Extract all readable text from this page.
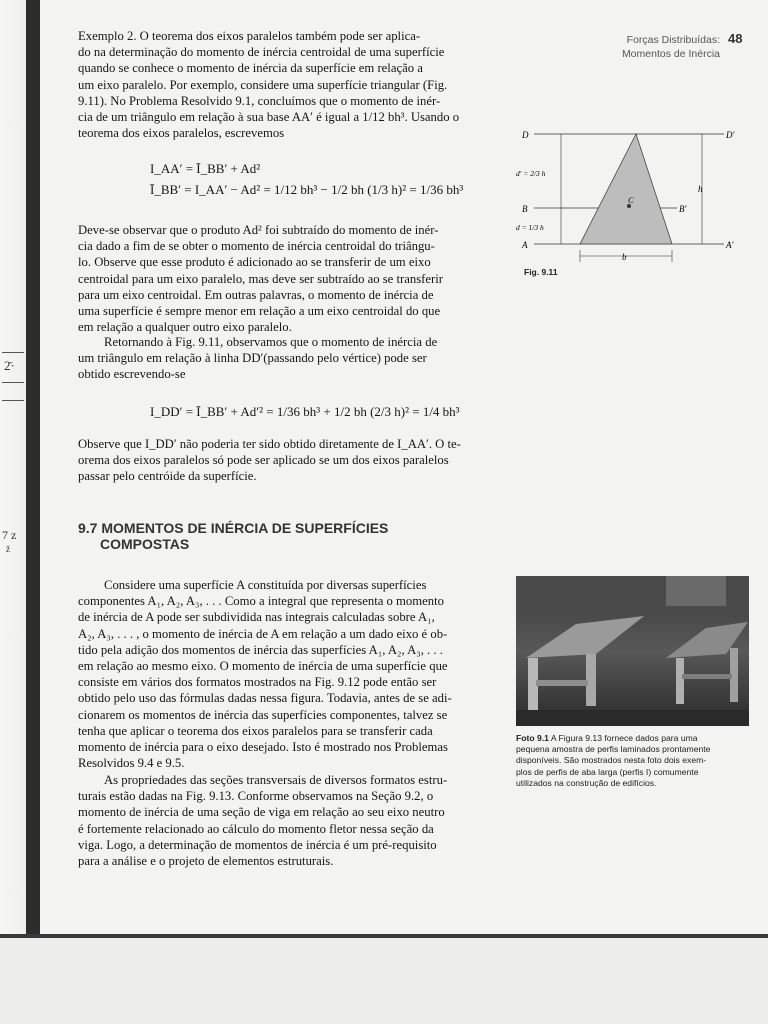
2̄·
7 z
ž
Forças Distribuídas:
Momentos de Inércia
48
Exemplo 2. O teorema dos eixos paralelos também pode ser aplica-
do na determinação do momento de inércia centroidal de uma superfície
quando se conhece o momento de inércia da superfície em relação a
um eixo paralelo. Por exemplo, considere uma superfície triangular (Fig.
9.11). No Problema Resolvido 9.1, concluímos que o momento de inér-
cia de um triângulo em relação à sua base AA′ é igual a 1/12 bh³. Usando o
teorema dos eixos paralelos, escrevemos
I_AA′ = Ī_BB′ + Ad²
Ī_BB′ = I_AA′ − Ad² = 1/12 bh³ − 1/2 bh (1/3 h)² = 1/36 bh³
Deve-se observar que o produto Ad² foi subtraído do momento de inér-
cia dado a fim de se obter o momento de inércia centroidal do triângu-
lo. Observe que esse produto é adicionado ao se transferir de um eixo
centroidal para um eixo paralelo, mas deve ser subtraído ao se transferir
para um eixo centroidal. Em outras palavras, o momento de inércia de
uma superfície é sempre menor em relação a um eixo centroidal do que
em relação a qualquer outro eixo paralelo.
Retornando à Fig. 9.11, observamos que o momento de inércia de
um triângulo em relação à linha DD′(passando pelo vértice) pode ser
obtido escrevendo-se
I_DD′ = Ī_BB′ + Ad′² = 1/36 bh³ + 1/2 bh (2/3 h)² = 1/4 bh³
Observe que I_DD′ não poderia ter sido obtido diretamente de I_AA′. O te-
orema dos eixos paralelos só pode ser aplicado se um dos eixos paralelos
passar pelo centróide da superfície.
9.7 MOMENTOS DE INÉRCIA DE SUPERFÍCIES
COMPOSTAS
Considere uma superfície A constituída por diversas superfícies
componentes A₁, A₂, A₃, . . . Como a integral que representa o momento
de inércia de A pode ser subdividida nas integrais calculadas sobre A₁,
A₂, A₃, . . . , o momento de inércia de A em relação a um dado eixo é ob-
tido pela adição dos momentos de inércia das superfícies A₁, A₂, A₃, . . .
em relação ao mesmo eixo. O momento de inércia de uma superfície que
consiste em vários dos formatos mostrados na Fig. 9.12 pode então ser
obtido pelo uso das fórmulas dadas nessa figura. Todavia, antes de se adi-
cionarem os momentos de inércia das superfícies componentes, talvez se
tenha que aplicar o teorema dos eixos paralelos para se transferir cada
momento de inércia para o eixo desejado. Isto é mostrado nos Problemas
Resolvidos 9.4 e 9.5.
As propriedades das seções transversais de diversos formatos estru-
turais estão dadas na Fig. 9.13. Conforme observamos na Seção 9.2, o
momento de inércia de uma seção de viga em relação ao seu eixo neutro
é fortemente relacionado ao cálculo do momento fletor nessa seção da
viga. Logo, a determinação de momentos de inércia é um pré-requisito
para a análise e o projeto de elementos estruturais.
D	D′
B	B′
A	A′
C
h
b
d′ = 2/3 h
d = 1/3 h
Fig. 9.11
Foto 9.1 A Figura 9.13 fornece dados para uma
pequena amostra de perfis laminados prontamente
disponíveis. São mostrados nesta foto dois exem-
plos de perfis de aba larga (perfis I) comumente
utilizados na construção de edifícios.
